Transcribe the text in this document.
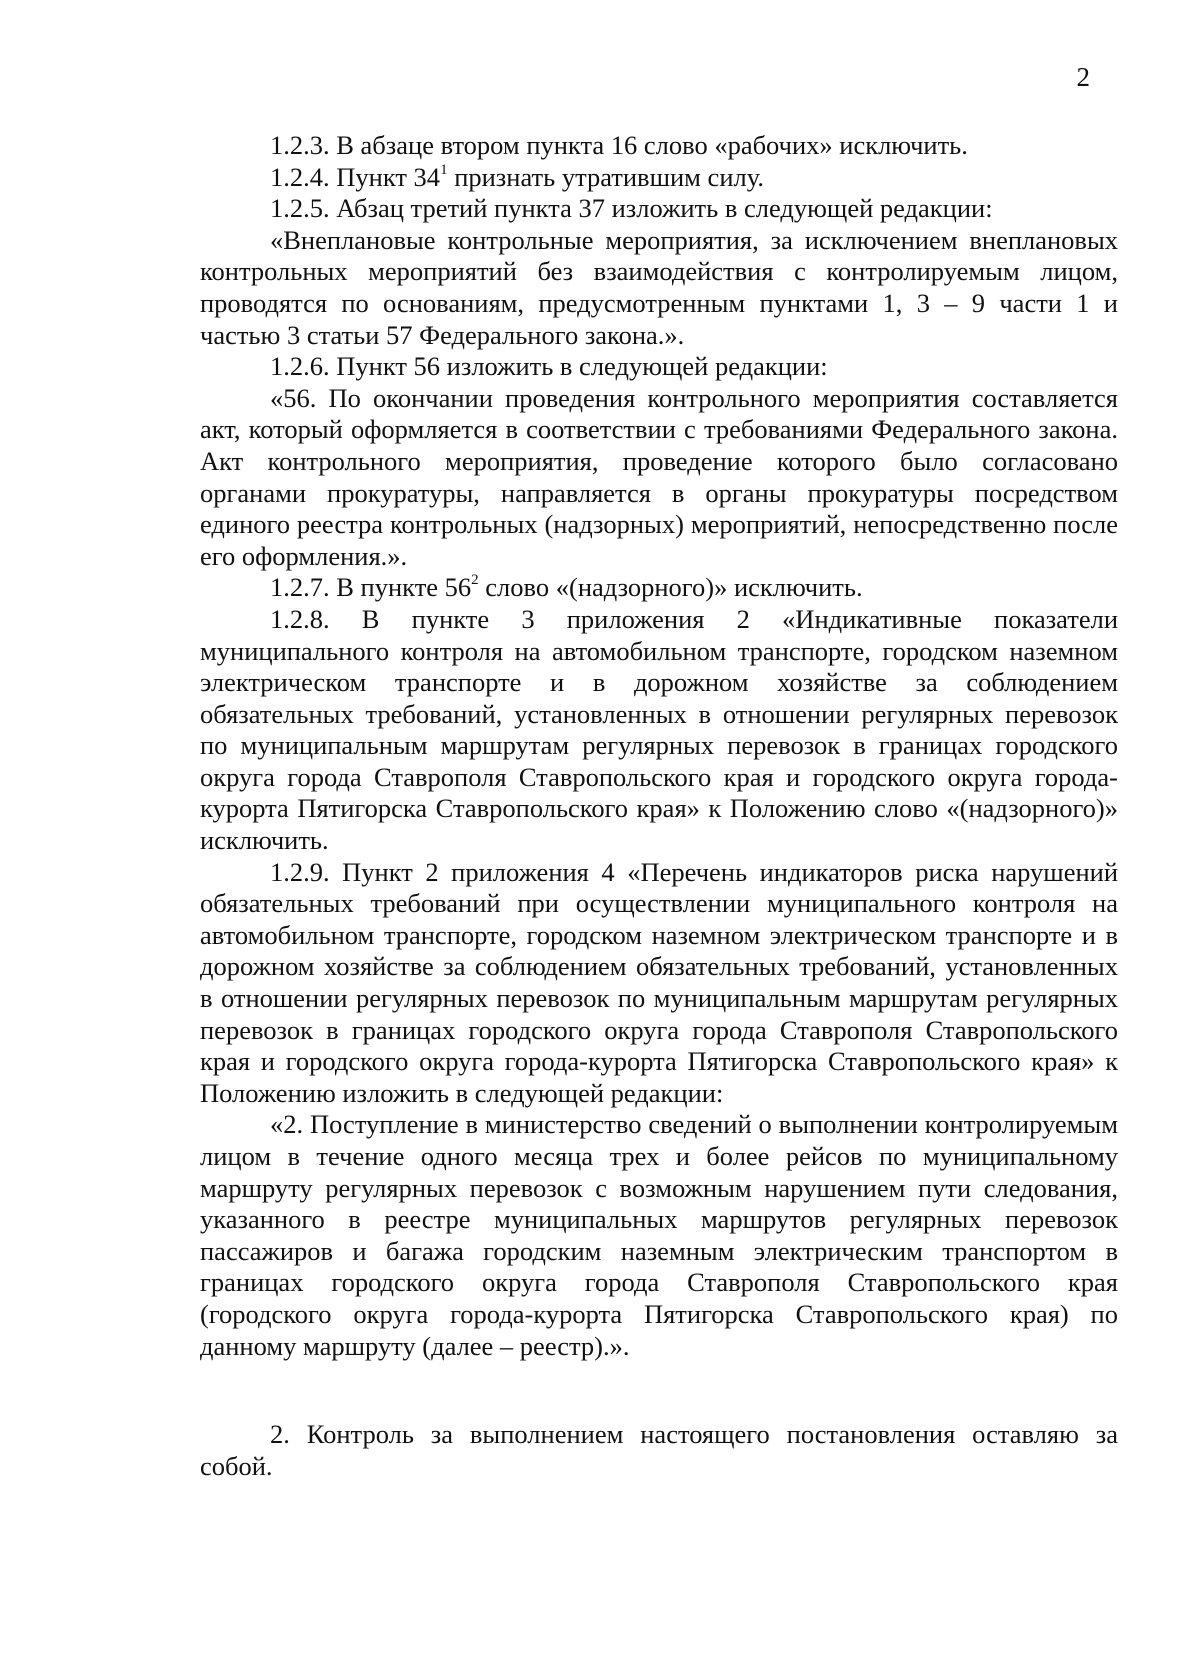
2

1.2.3. В абзаце втором пункта 16 слово «рабочих» исключить.

1.2.4. Пункт $34^1$ признать утратившим силу.

1.2.5. Абзац третий пункта 37 изложить в следующей редакции:

«Внеплановые контрольные мероприятия, за исключением внеплановых контрольных мероприятий без взаимодействия с контролируемым лицом, проводятся по основаниям, предусмотренным пунктами 1, 3 – 9 части 1 и частью 3 статьи 57 Федерального закона.».

1.2.6. Пункт 56 изложить в следующей редакции:

«56. По окончании проведения контрольного мероприятия составляется акт, который оформляется в соответствии с требованиями Федерального закона. Акт контрольного мероприятия, проведение которого было согласовано органами прокуратуры, направляется в органы прокуратуры посредством единого реестра контрольных (надзорных) мероприятий, непосредственно после его оформления.».

1.2.7. В пункте $56^2$ слово «(надзорного)» исключить.

1.2.8. В пункте 3 приложения 2 «Индикативные показатели муниципального контроля на автомобильном транспорте, городском наземном электрическом транспорте и в дорожном хозяйстве за соблюдением обязательных требований, установленных в отношении регулярных перевозок по муниципальным маршрутам регулярных перевозок в границах городского округа города Ставрополя Ставропольского края и городского округа города-курорта Пятигорска Ставропольского края» к Положению слово «(надзорного)» исключить.

1.2.9. Пункт 2 приложения 4 «Перечень индикаторов риска нарушений обязательных требований при осуществлении муниципального контроля на автомобильном транспорте, городском наземном электрическом транспорте и в дорожном хозяйстве за соблюдением обязательных требований, установленных в отношении регулярных перевозок по муниципальным маршрутам регулярных перевозок в границах городского округа города Ставрополя Ставропольского края и городского округа города-курорта Пятигорска Ставропольского края» к Положению изложить в следующей редакции:

«2. Поступление в министерство сведений о выполнении контролируемым лицом в течение одного месяца трех и более рейсов по муниципальному маршруту регулярных перевозок с возможным нарушением пути следования, указанного в реестре муниципальных маршрутов регулярных перевозок пассажиров и багажа городским наземным электрическим транспортом в границах городского округа города Ставрополя Ставропольского края (городского округа города-курорта Пятигорска Ставропольского края) по данному маршруту (далее – реестр).».

2. Контроль за выполнением настоящего постановления оставляю за собой.
